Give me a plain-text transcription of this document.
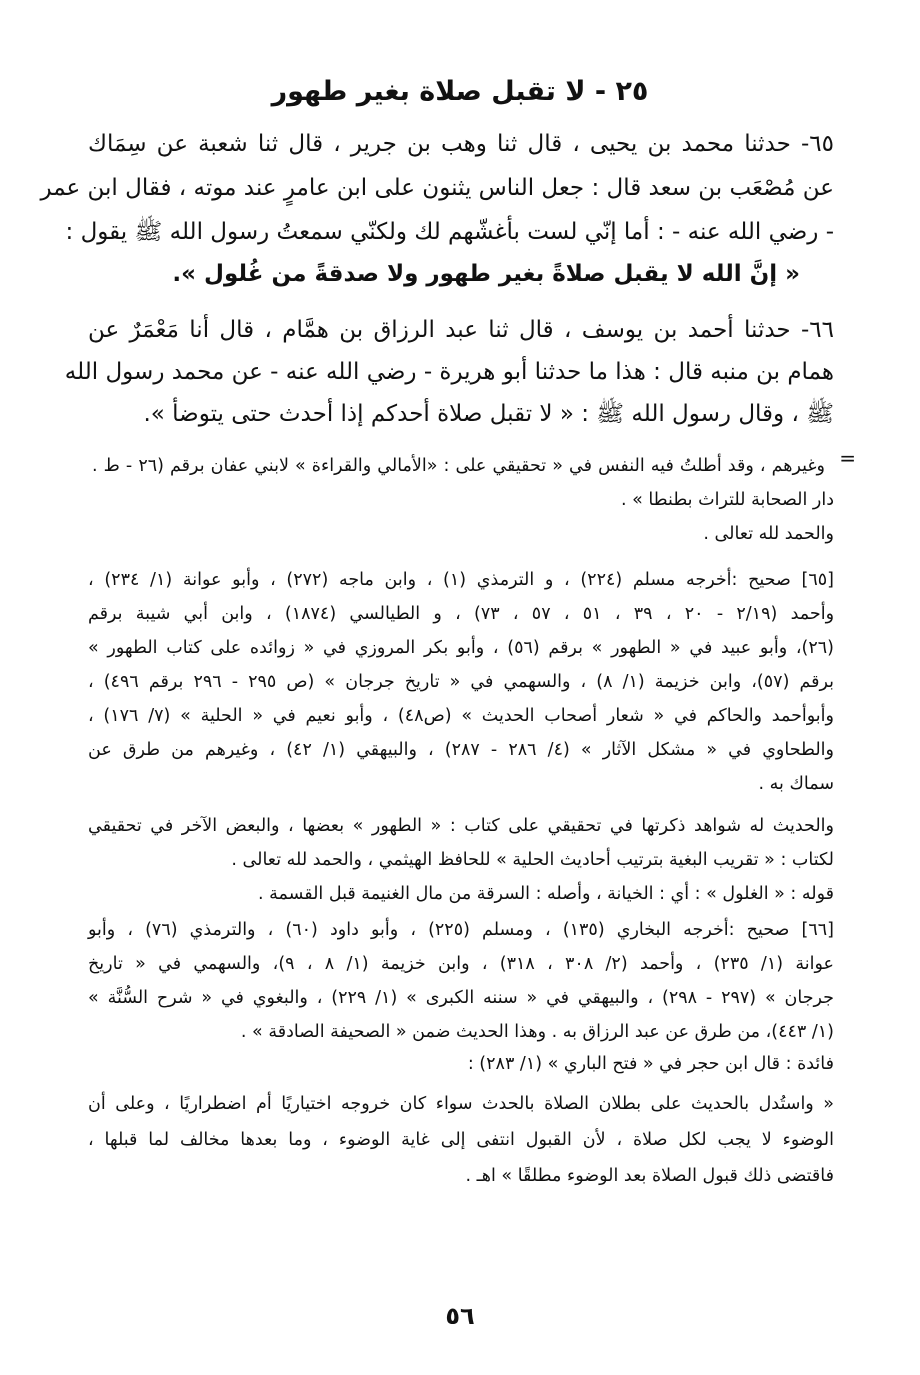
٢٥ - لا تقبل صلاة بغير طهور
٦٥- حدثنا محمد بن يحيى ، قال ثنا وهب بن جرير ، قال ثنا شعبة عن سِمَاك
عن مُصْعَب بن سعد قال : جعل الناس يثنون على ابن عامرٍ عند موته ، فقال ابن عمر
- رضي الله عنه - : أما إنّي لست بأغشّهم لك ولكنّي سمعتُ رسول الله ﷺ يقول :
« إنَّ الله لا يقبل صلاةً بغير طهور ولا صدقةً من غُلول ».
٦٦- حدثنا أحمد بن يوسف ، قال ثنا عبد الرزاق بن همَّام ، قال أنا مَعْمَرٌ عن
همام بن منبه قال : هذا ما حدثنا أبو هريرة - رضي الله عنه - عن محمد رسول الله
ﷺ ، وقال رسول الله ﷺ : « لا تقبل صلاة أحدكم إذا أحدث حتى يتوضأ ».
=
وغيرهم ، وقد أطلتُ فيه النفس في « تحقيقي على : «الأمالي والقراءة » لابني عفان برقم (٢٦ - ط .
دار الصحابة للتراث بطنطا » .
والحمد لله تعالى .
[٦٥] صحيح :أخرجه مسلم (٢٢٤) ، و الترمذي (١) ، وابن ماجه (٢٧٢) ، وأبو عوانة (١/ ٢٣٤) ،
وأحمد (٢/١٩ - ٢٠ ، ٣٩ ، ٥١ ، ٥٧ ، ٧٣) ، و الطيالسي (١٨٧٤) ، وابن أبي شيبة برقم
(٢٦)، وأبو عبيد في « الطهور » برقم (٥٦) ، وأبو بكر المروزي في « زوائده على كتاب الطهور »
برقم (٥٧)، وابن خزيمة (١/ ٨) ، والسهمي في « تاريخ جرجان » (ص ٢٩٥ - ٢٩٦ برقم ٤٩٦) ،
وأبوأحمد والحاكم في « شعار أصحاب الحديث » (ص٤٨) ، وأبو نعيم في « الحلية » (٧/ ١٧٦) ،
والطحاوي في « مشكل الآثار » (٤/ ٢٨٦ - ٢٨٧) ، والبيهقي (١/ ٤٢) ، وغيرهم من طرق عن
سماك به .
والحديث له شواهد ذكرتها في تحقيقي على كتاب : « الطهور » بعضها ، والبعض الآخر في تحقيقي
لكتاب : « تقريب البغية بترتيب أحاديث الحلية » للحافظ الهيثمي ، والحمد لله تعالى .
قوله : « الغلول » : أي : الخيانة ، وأصله : السرقة من مال الغنيمة قبل القسمة .
[٦٦] صحيح :أخرجه البخاري (١٣٥) ، ومسلم (٢٢٥) ، وأبو داود (٦٠) ، والترمذي (٧٦) ، وأبو
عوانة (١/ ٢٣٥) ، وأحمد (٢/ ٣٠٨ ، ٣١٨) ، وابن خزيمة (١/ ٨ ، ٩)، والسهمي في « تاريخ
جرجان » (٢٩٧ - ٢٩٨) ، والبيهقي في « سننه الكبرى » (١/ ٢٢٩) ، والبغوي في « شرح السُّنَّة »
(١/ ٤٤٣)، من طرق عن عبد الرزاق به . وهذا الحديث ضمن « الصحيفة الصادقة » .
فائدة : قال ابن حجر في « فتح الباري » (١/ ٢٨٣) :
« واستُدل بالحديث على بطلان الصلاة بالحدث سواء كان خروجه اختياريًا أم اضطراريًا ، وعلى أن
الوضوء لا يجب لكل صلاة ، لأن القبول انتفى إلى غاية الوضوء ، وما بعدها مخالف لما قبلها ،
فاقتضى ذلك قبول الصلاة بعد الوضوء مطلقًا » اهـ .
٥٦
